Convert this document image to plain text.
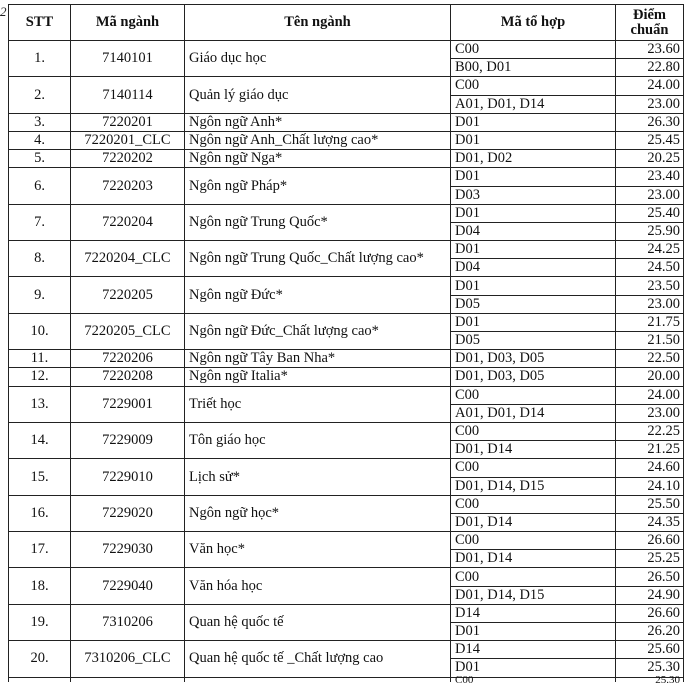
2
STT	Mã ngành	Tên ngành	Mã tổ hợp	Điểm chuẩn
1.	7140101	Giáo dục học	C00	23.60
			B00, D01	22.80
2.	7140114	Quản lý giáo dục	C00	24.00
			A01, D01, D14	23.00
3.	7220201	Ngôn ngữ Anh*	D01	26.30
4.	7220201_CLC	Ngôn ngữ Anh_Chất lượng cao*	D01	25.45
5.	7220202	Ngôn ngữ Nga*	D01, D02	20.25
6.	7220203	Ngôn ngữ Pháp*	D01	23.40
			D03	23.00
7.	7220204	Ngôn ngữ Trung Quốc*	D01	25.40
			D04	25.90
8.	7220204_CLC	Ngôn ngữ Trung Quốc_Chất lượng cao*	D01	24.25
			D04	24.50
9.	7220205	Ngôn ngữ Đức*	D01	23.50
			D05	23.00
10.	7220205_CLC	Ngôn ngữ Đức_Chất lượng cao*	D01	21.75
			D05	21.50
11.	7220206	Ngôn ngữ Tây Ban Nha*	D01, D03, D05	22.50
12.	7220208	Ngôn ngữ Italia*	D01, D03, D05	20.00
13.	7229001	Triết học	C00	24.00
			A01, D01, D14	23.00
14.	7229009	Tôn giáo học	C00	22.25
			D01, D14	21.25
15.	7229010	Lịch sử*	C00	24.60
			D01, D14, D15	24.10
16.	7229020	Ngôn ngữ học*	C00	25.50
			D01, D14	24.35
17.	7229030	Văn học*	C00	26.60
			D01, D14	25.25
18.	7229040	Văn hóa học	C00	26.50
			D01, D14, D15	24.90
19.	7310206	Quan hệ quốc tế	D14	26.60
			D01	26.20
20.	7310206_CLC	Quan hệ quốc tế _Chất lượng cao	D14	25.60
			D01	25.30
			C00	25.30
